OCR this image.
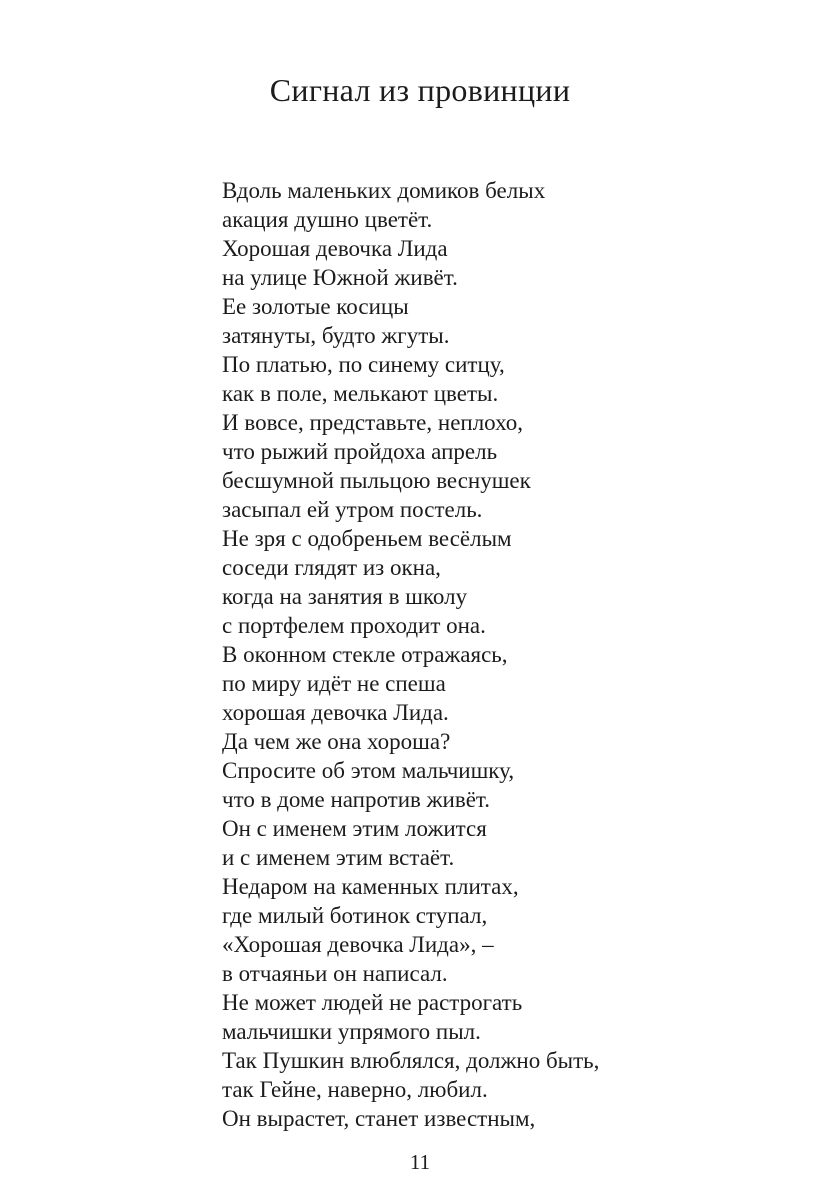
Сигнал из провинции
Вдоль маленьких домиков белых
акация душно цветёт.
Хорошая девочка Лида
на улице Южной живёт.
Ее золотые косицы
затянуты, будто жгуты.
По платью, по синему ситцу,
как в поле, мелькают цветы.
И вовсе, представьте, неплохо,
что рыжий пройдоха апрель
бесшумной пыльцою веснушек
засыпал ей утром постель.
Не зря с одобреньем весёлым
соседи глядят из окна,
когда на занятия в школу
с портфелем проходит она.
В оконном стекле отражаясь,
по миру идёт не спеша
хорошая девочка Лида.
Да чем же она хороша?
Спросите об этом мальчишку,
что в доме напротив живёт.
Он с именем этим ложится
и с именем этим встаёт.
Недаром на каменных плитах,
где милый ботинок ступал,
«Хорошая девочка Лида», –
в отчаяньи он написал.
Не может людей не растрогать
мальчишки упрямого пыл.
Так Пушкин влюблялся, должно быть,
так Гейне, наверно, любил.
Он вырастет, станет известным,
11
